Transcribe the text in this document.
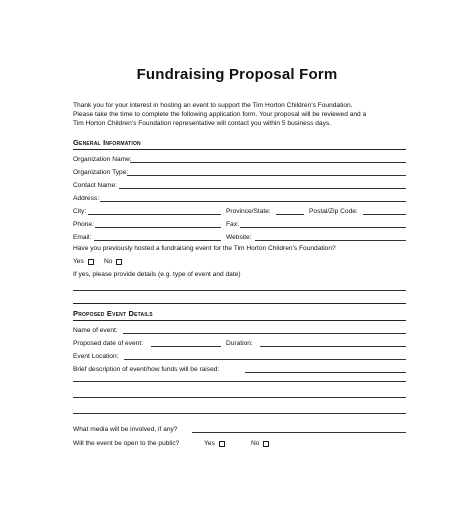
Fundraising Proposal Form
Thank you for your interest in hosting an event to support the Tim Horton Children’s Foundation.
Please take the time to complete the following application form. Your proposal will be reviewed and a
Tim Horton Children’s Foundation representative will contact you within 5 business days.
General Information
Organization Name:
Organization Type:
Contact Name:
Address:
City:	Province/State:	Postal/Zip Code:
Phone:	Fax:
Email:	Website:
Have you previously hosted a fundraising event for the Tim Horton Children’s Foundation?
Yes	No
If yes, please provide details (e.g. type of event and date)
Proposed Event Details
Name of event:
Proposed date of event:	Duration:
Event Location:
Brief description of event/how funds will be raised:
What media will be involved, if any?
Will the event be open to the public?	Yes	No
